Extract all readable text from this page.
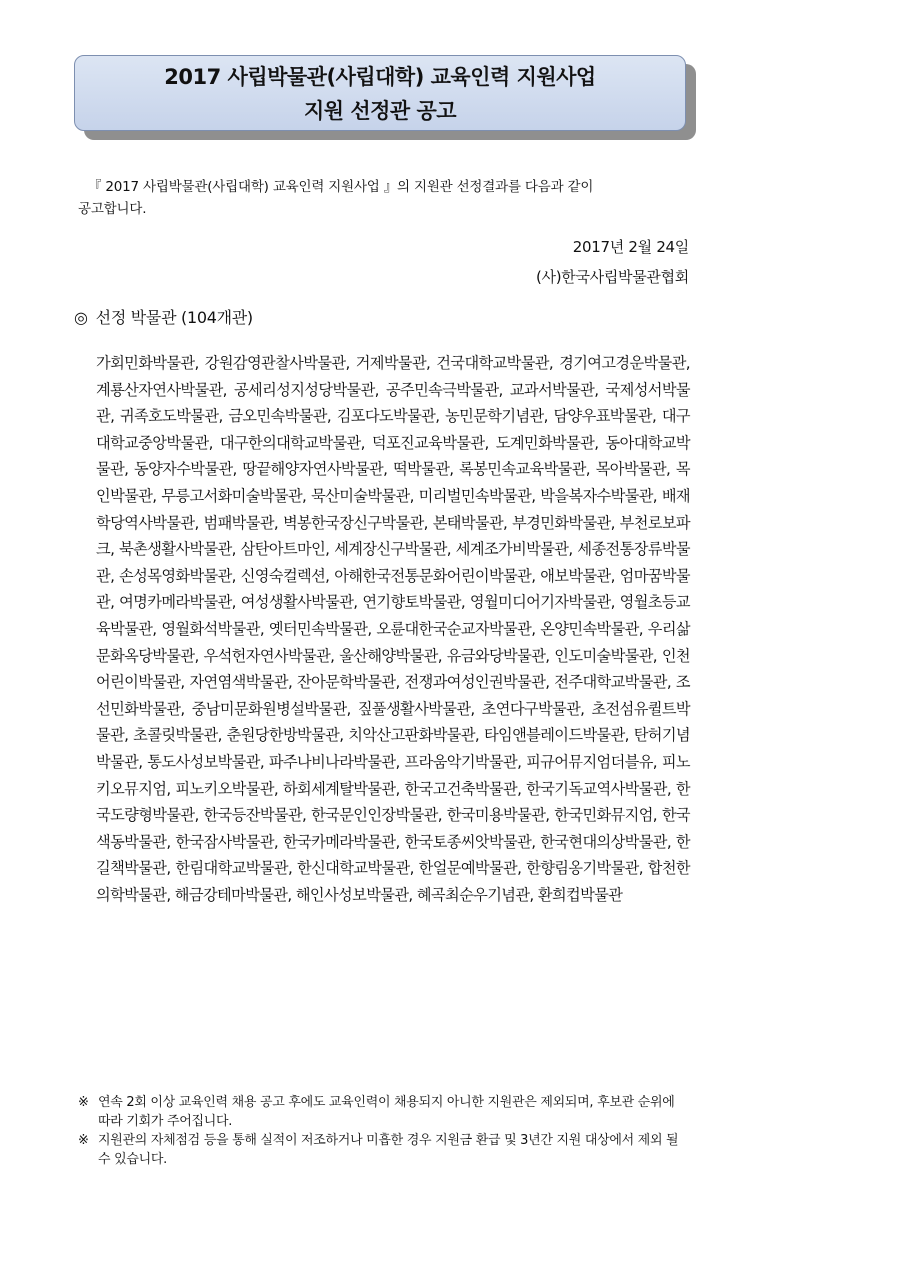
2017 사립박물관(사립대학) 교육인력 지원사업
지원 선정관 공고
『 2017 사립박물관(사립대학) 교육인력 지원사업 』의 지원관 선정결과를 다음과 같이
공고합니다.
2017년 2월 24일
(사)한국사립박물관협회
◎ 선정 박물관 (104개관)
가회민화박물관, 강원감영관찰사박물관, 거제박물관, 건국대학교박물관, 경기여고경운박물관, 계룡산자연사박물관, 공세리성지성당박물관, 공주민속극박물관, 교과서박물관, 국제성서박물관, 귀족호도박물관, 금오민속박물관, 김포다도박물관, 농민문학기념관, 담양우표박물관, 대구대학교중앙박물관, 대구한의대학교박물관, 덕포진교육박물관, 도계민화박물관, 동아대학교박물관, 동양자수박물관, 땅끝해양자연사박물관, 떡박물관, 록봉민속교육박물관, 목아박물관, 목인박물관, 무릉고서화미술박물관, 묵산미술박물관, 미리벌민속박물관, 박을복자수박물관, 배재학당역사박물관, 범패박물관, 벽봉한국장신구박물관, 본태박물관, 부경민화박물관, 부천로보파크, 북촌생활사박물관, 삼탄아트마인, 세계장신구박물관, 세계조가비박물관, 세종전통장류박물관, 손성목영화박물관, 신영숙컬렉션, 아해한국전통문화어린이박물관, 애보박물관, 엄마꿈박물관, 여명카메라박물관, 여성생활사박물관, 연기향토박물관, 영월미디어기자박물관, 영월초등교육박물관, 영월화석박물관, 옛터민속박물관, 오륜대한국순교자박물관, 온양민속박물관, 우리삶문화옥당박물관, 우석헌자연사박물관, 울산해양박물관, 유금와당박물관, 인도미술박물관, 인천어린이박물관, 자연염색박물관, 잔아문학박물관, 전쟁과여성인권박물관, 전주대학교박물관, 조선민화박물관, 중남미문화원병설박물관, 짚풀생활사박물관, 초연다구박물관, 초전섬유퀼트박물관, 초콜릿박물관, 춘원당한방박물관, 치악산고판화박물관, 타임앤블레이드박물관, 탄허기념박물관, 통도사성보박물관, 파주나비나라박물관, 프라움악기박물관, 피규어뮤지엄더블유, 피노키오뮤지엄, 피노키오박물관, 하회세계탈박물관, 한국고건축박물관, 한국기독교역사박물관, 한국도량형박물관, 한국등잔박물관, 한국문인인장박물관, 한국미용박물관, 한국민화뮤지엄, 한국색동박물관, 한국잠사박물관, 한국카메라박물관, 한국토종씨앗박물관, 한국현대의상박물관, 한길책박물관, 한림대학교박물관, 한신대학교박물관, 한얼문예박물관, 한향림옹기박물관, 합천한의학박물관, 해금강테마박물관, 해인사성보박물관, 혜곡최순우기념관, 환희컵박물관
※ 연속 2회 이상 교육인력 채용 공고 후에도 교육인력이 채용되지 아니한 지원관은 제외되며, 후보관 순위에 따라 기회가 주어집니다.
※ 지원관의 자체점검 등을 통해 실적이 저조하거나 미흡한 경우 지원금 환급 및 3년간 지원 대상에서 제외 될 수 있습니다.
